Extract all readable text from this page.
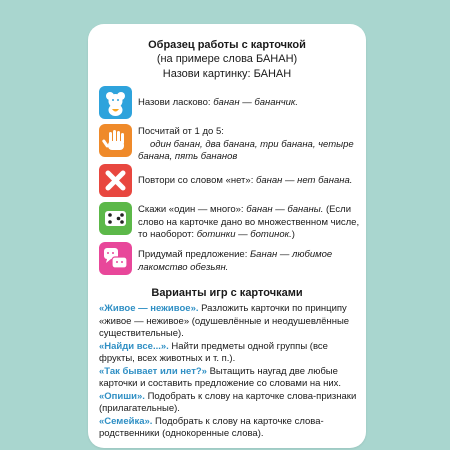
Образец работы с карточкой
(на примере слова БАНАН)
Назови картинку: БАНАН
Назови ласково: банан — бананчик.
Посчитай от 1 до 5:
один банан, два банана, три банана, четыре банана, пять бананов
Повтори со словом «нет»: банан — нет банана.
Скажи «один — много»: банан — бананы. (Если слово на карточке дано во множественном числе, то наоборот: ботинки — ботинок.)
Придумай предложение: Банан — любимое лакомство обезьян.
Варианты игр с карточками

«Живое — неживое». Разложить карточки по принципу «живое — неживое» (одушевлённые и неодушевлённые существительные).

«Найди все...». Найти предметы одной группы (все фрукты, всех животных и т. п.).

«Так бывает или нет?» Вытащить наугад две любые карточки и составить предложение со словами на них.

«Опиши». Подобрать к слову на карточке слова-признаки (прилагательные).

«Семейка». Подобрать к слову на карточке слова-родственники (однокоренные слова).
